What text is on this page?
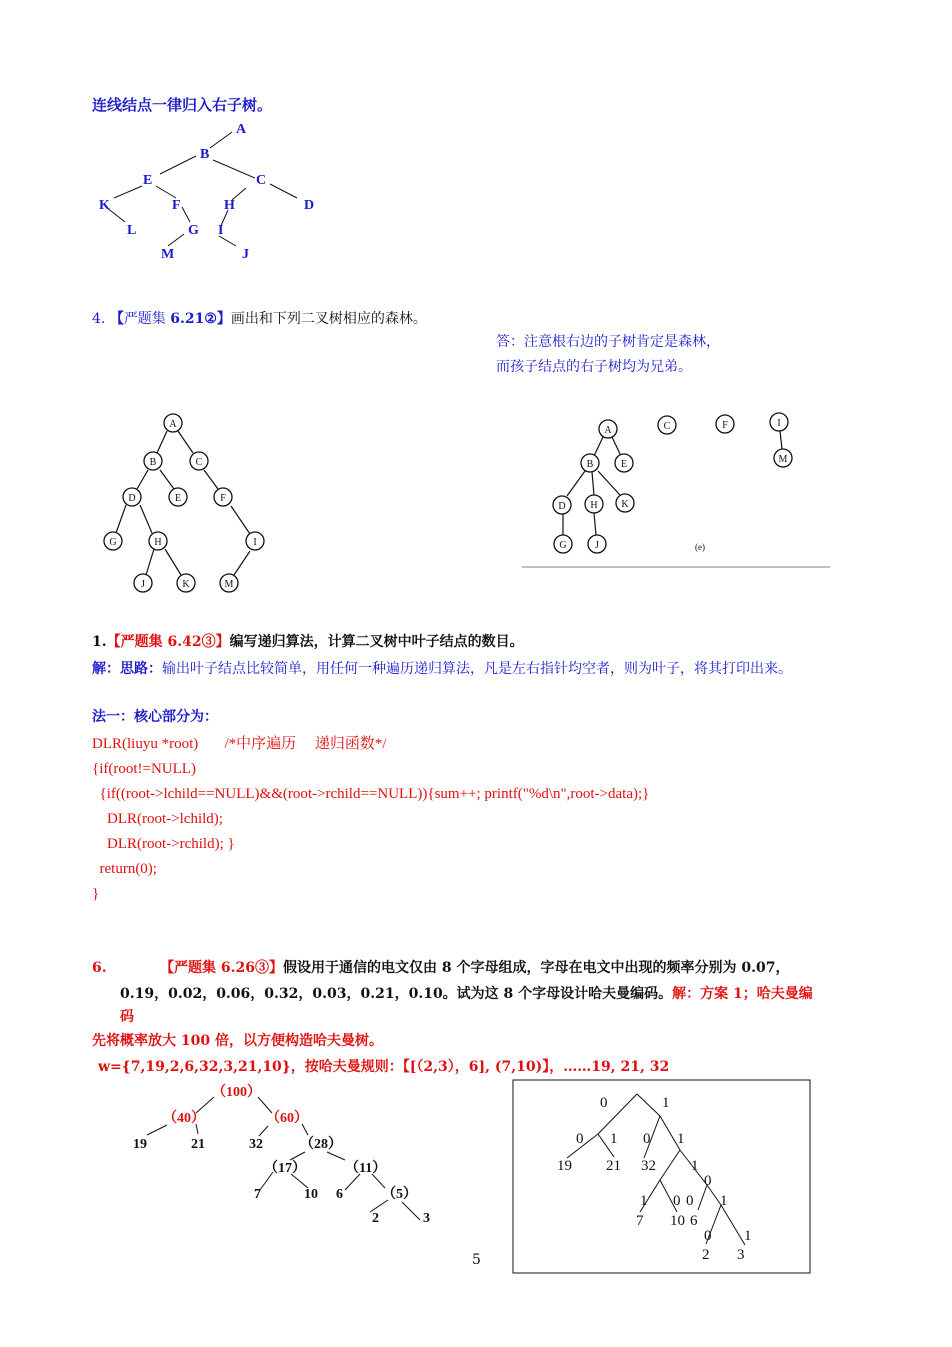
连线结点一律归入右子树。
A
B
E	C
K	F	H	D
L	G I
M	J
4. 【严题集 6.21②】画出和下列二叉树相应的森林。
答：注意根右边的子树肯定是森林，
而孩子结点的右子树均为兄弟。
A
B	C
D	E	F
G	H	I
J	K	M
A	C	F	I
B	E	M
D H K
G	J	(e)
1.【严题集 6.42③】编写递归算法，计算二叉树中叶子结点的数目。
解：思路：输出叶子结点比较简单，用任何一种遍历递归算法，凡是左右指针均空者，则为叶子，将其打印出来。
法一：核心部分为：
DLR(liuyu *root)       /*中序遍历     递归函数*/
{if(root!=NULL)
{if((root->lchild==NULL)&&(root->rchild==NULL)){sum++; printf("%d\n",root->data);}
DLR(root->lchild);
DLR(root->rchild); }
return(0);
}
6.	【严题集 6.26③】假设用于通信的电文仅由 8 个字母组成，字母在电文中出现的频率分别为 0.07，
0.19，0.02，0.06，0.32，0.03，0.21，0.10。试为这 8 个字母设计哈夫曼编码。解：方案 1；哈夫曼编
码
先将概率放大 100 倍，以方便构造哈夫曼树。
w={7,19,2,6,32,3,21,10}，按哈夫曼规则：【[（2,3），6], (7,10)】，……19, 21, 32
（100）
（40）	（60）
19	21	32	（28）
（17）	（11）
7	10 6	（5）
2	3
0	1
0 1 0 1
19 21 32 1
0
1 0 0 1
7 10 6
0 1
2 3
5
